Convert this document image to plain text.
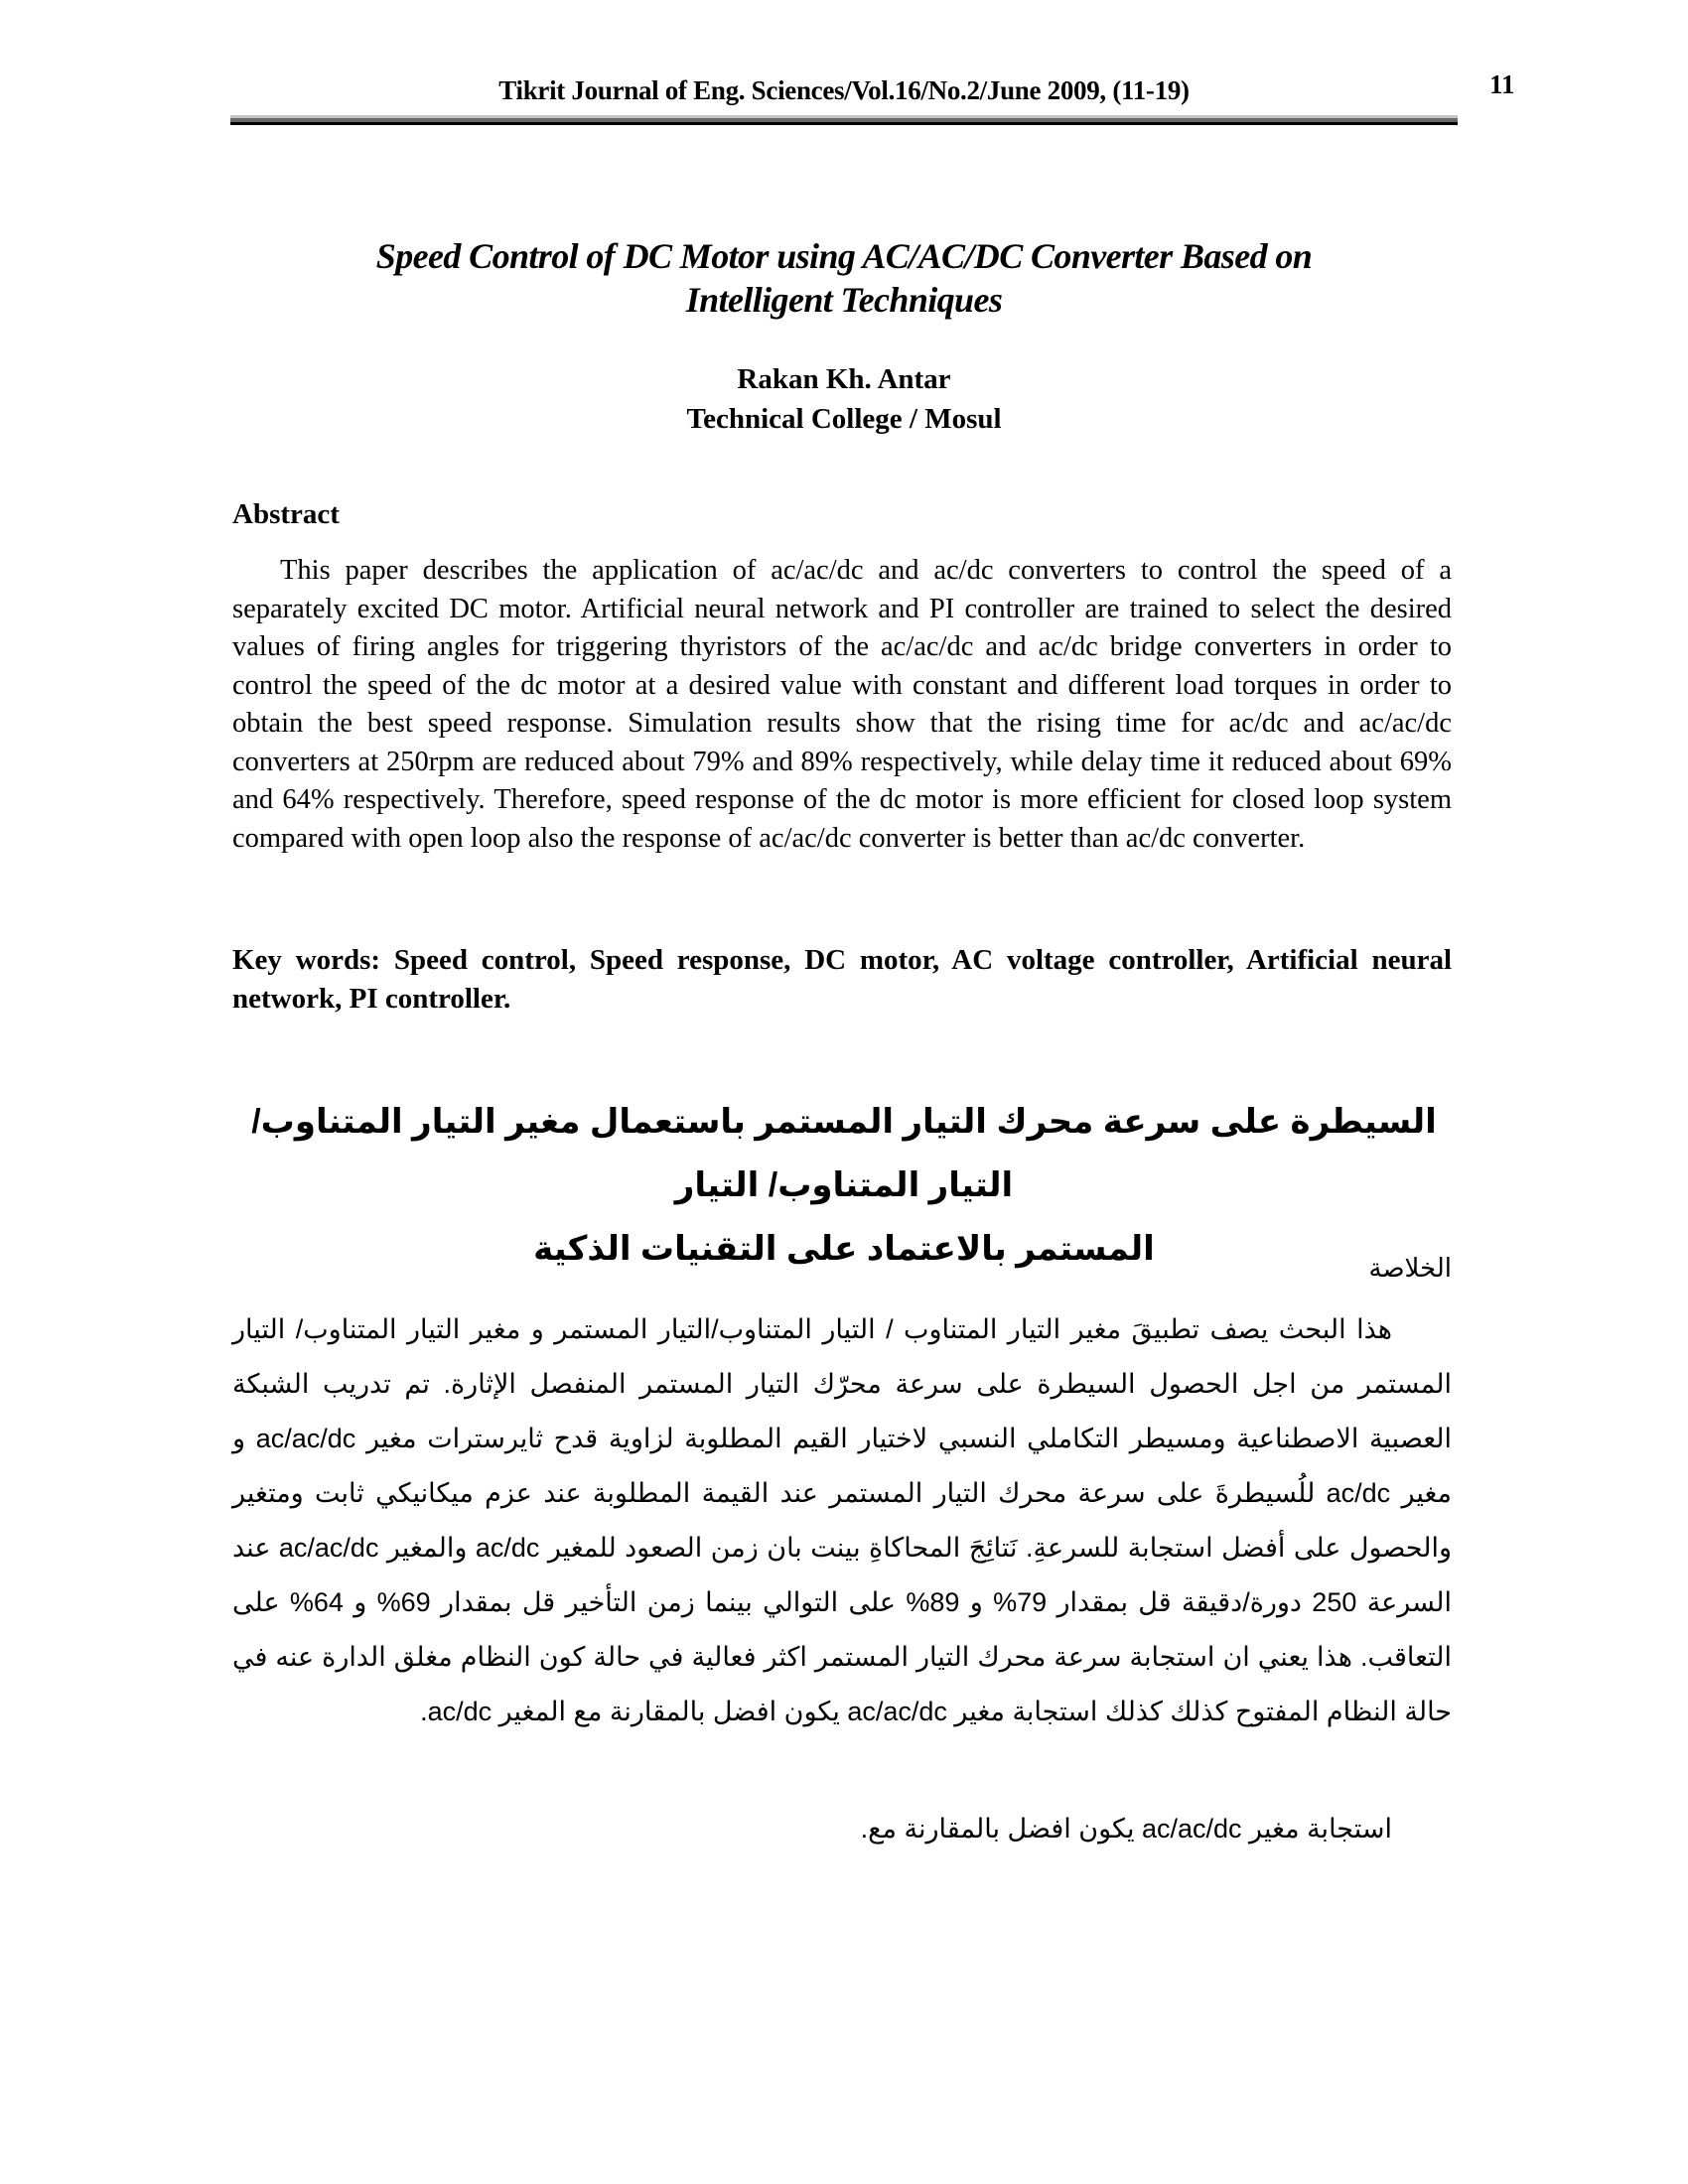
Tikrit Journal of Eng. Sciences/Vol.16/No.2/June 2009, (11-19)	11
Speed Control of DC Motor using AC/AC/DC Converter Based on
Intelligent Techniques
Rakan Kh. Antar
Technical College / Mosul
Abstract

This paper describes the application of ac/ac/dc and ac/dc converters to control the speed of a separately excited DC motor. Artificial neural network and PI controller are trained to select the desired values of firing angles for triggering thyristors of the ac/ac/dc and ac/dc bridge converters in order to control the speed of the dc motor at a desired value with constant and different load torques in order to obtain the best speed response. Simulation results show that the rising time for ac/dc and ac/ac/dc converters at 250rpm are reduced about 79% and 89% respectively, while delay time it reduced about 69% and 64% respectively. Therefore, speed response of the dc motor is more efficient for closed loop system compared with open loop also the response of ac/ac/dc converter is better than ac/dc converter.

Key words: Speed control, Speed response, DC motor, AC voltage controller, Artificial neural network, PI controller.

السيطرة على سرعة محرك التيار المستمر باستعمال مغير التيار المتناوب/التيار المتناوب/ التيار
المستمر بالاعتماد على التقنيات الذكية	الخلاصة

هذا البحث يصف تطبيقَ مغير التيار المتناوب / التيار المتناوب/التيار المستمر و مغير التيار المتناوب/ التيار المستمر من اجل الحصول السيطرة على سرعة محرّك التيار المستمر المنفصل الإثارة. تم تدريب الشبكة العصبية الاصطناعية ومسيطر التكاملي النسبي لاختيار القيم المطلوبة لزاوية قدح ثايرسترات مغير ac/ac/dc و مغير ac/dc للُسيطرةَ على سرعة محرك التيار المستمر عند القيمة المطلوبة عند عزم ميكانيكي ثابت ومتغير والحصول على أفضل استجابة للسرعةِ. نَتائِجَ المحاكاةِ بينت بان زمن الصعود للمغير ac/dc والمغير ac/ac/dc عند السرعة 250 دورة/دقيقة قل بمقدار 79% و 89% على التوالي بينما زمن التأخير قل بمقدار 69% و 64% على التعاقب. هذا يعني ان استجابة سرعة محرك التيار المستمر اكثر فعالية في حالة كون النظام مغلق الدارة عنه في حالة النظام المفتوح كذلك كذلك استجابة مغير ac/ac/dc يكون افضل بالمقارنة مع المغير ac/dc.

استجابة مغير ac/ac/dc يكون افضل بالمقارنة مع.
